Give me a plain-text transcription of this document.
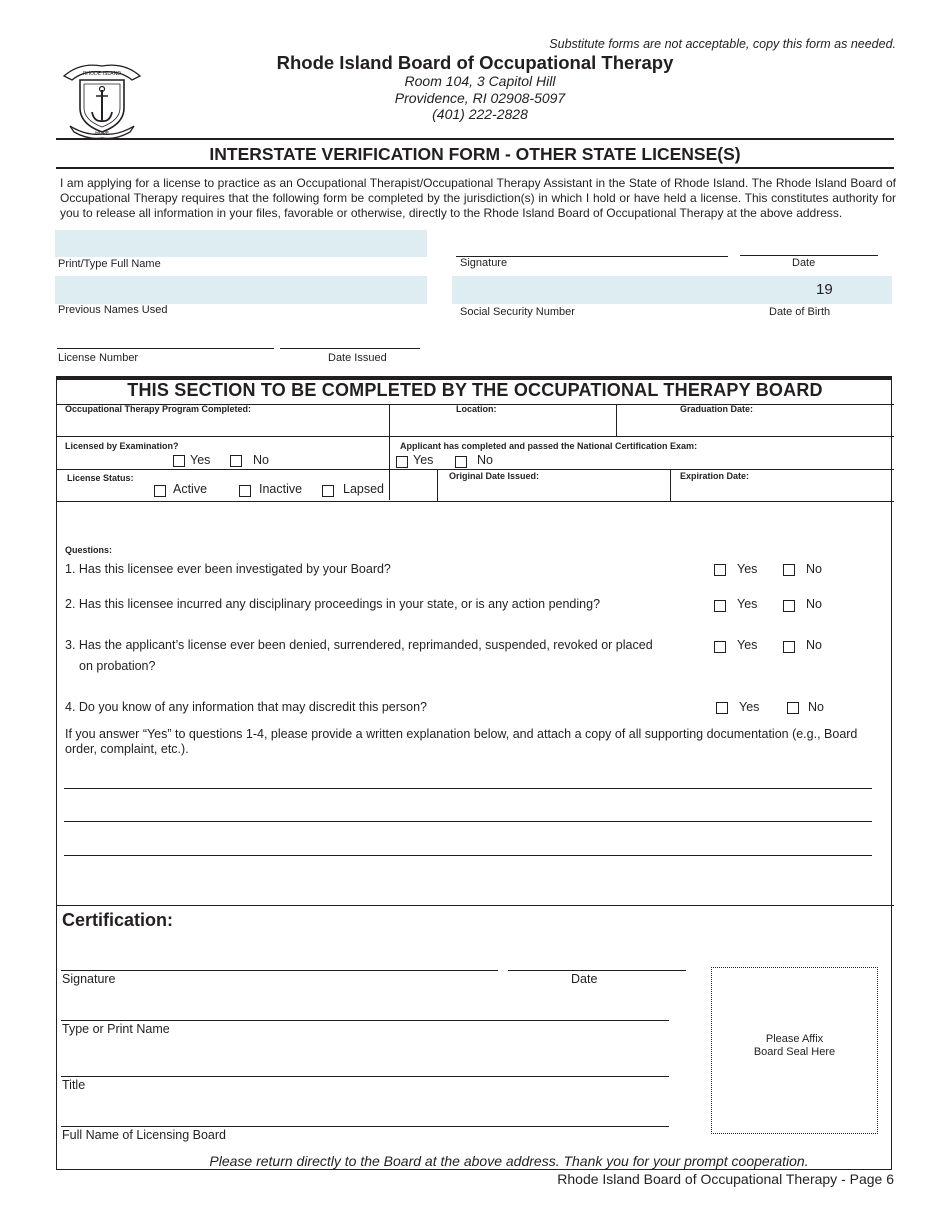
Substitute forms are not acceptable, copy this form as needed.
RHODE ISLAND
HOPE
Rhode Island Board of Occupational Therapy
Room 104, 3 Capitol Hill
Providence, RI 02908-5097
(401) 222-2828
INTERSTATE VERIFICATION FORM - OTHER STATE LICENSE(S)
I am applying for a license to practice as an Occupational Therapist/Occupational Therapy Assistant in the State of Rhode Island. The Rhode Island Board of Occupational Therapy requires that the following form be completed by the jurisdiction(s) in which I hold or have held a license. This constitutes authority for you to release all information in your files, favorable or otherwise, directly to the Rhode Island Board of Occupational Therapy at the above address.
Print/Type Full Name	Signature	Date
Previous Names Used	Social Security Number
19
Date of Birth
License Number	Date Issued
THIS SECTION TO BE COMPLETED BY THE OCCUPATIONAL THERAPY BOARD
Occupational Therapy Program Completed:	Location:	Graduation Date:
Licensed by Examination?
Yes	No
Applicant has completed and passed the National Certification Exam:
Yes	No
License Status:
Active	Inactive	Lapsed
Original Date Issued:	Expiration Date:
Questions:
1. Has this licensee ever been investigated by your Board?	Yes	No
2. Has this licensee incurred any disciplinary proceedings in your state, or is any action pending?	Yes	No
3. Has the applicant’s license ever been denied, surrendered, reprimanded, suspended, revoked or placed
on probation?
Yes	No
4. Do you know of any information that may discredit this person?	Yes	No
If you answer “Yes” to questions 1-4, please provide a written explanation below, and attach a copy of all supporting documentation (e.g., Board order, complaint, etc.).
Certification:
Signature	Date
Type or Print Name
Title
Full Name of Licensing Board
Please Affix
Board Seal Here
Please return directly to the Board at the above address. Thank you for your prompt cooperation.
Rhode Island Board of Occupational Therapy - Page 6
